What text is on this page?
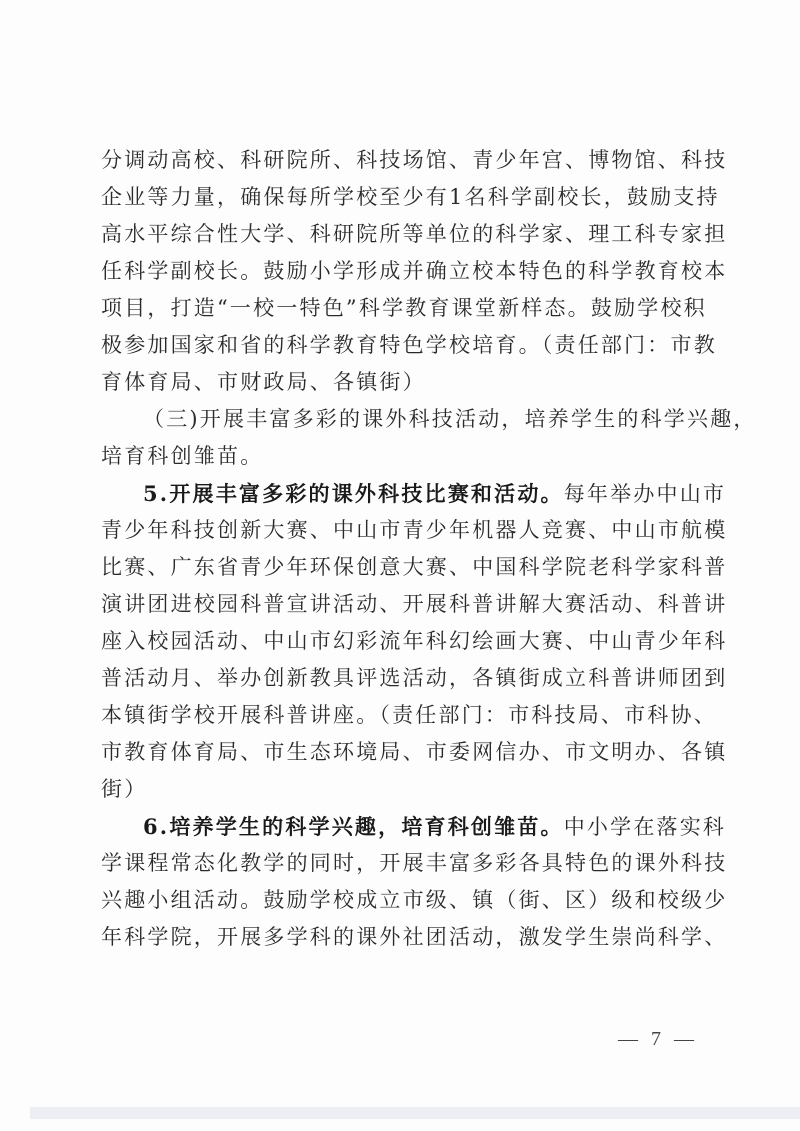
分调动高校、科研院所、科技场馆、青少年宫、博物馆、科技
企业等力量，确保每所学校至少有1名科学副校长，鼓励支持
高水平综合性大学、科研院所等单位的科学家、理工科专家担
任科学副校长。鼓励小学形成并确立校本特色的科学教育校本
项目，打造“一校一特色”科学教育课堂新样态。鼓励学校积
极参加国家和省的科学教育特色学校培育。（责任部门：市教
育体育局、市财政局、各镇街）
（三)开展丰富多彩的课外科技活动，培养学生的科学兴趣，
培育科创雏苗。
5.开展丰富多彩的课外科技比赛和活动。每年举办中山市
青少年科技创新大赛、中山市青少年机器人竞赛、中山市航模
比赛、广东省青少年环保创意大赛、中国科学院老科学家科普
演讲团进校园科普宣讲活动、开展科普讲解大赛活动、科普讲
座入校园活动、中山市幻彩流年科幻绘画大赛、中山青少年科
普活动月、举办创新教具评选活动，各镇街成立科普讲师团到
本镇街学校开展科普讲座。（责任部门：市科技局、市科协、
市教育体育局、市生态环境局、市委网信办、市文明办、各镇
街）
6.培养学生的科学兴趣，培育科创雏苗。中小学在落实科
学课程常态化教学的同时，开展丰富多彩各具特色的课外科技
兴趣小组活动。鼓励学校成立市级、镇（街、区）级和校级少
年科学院，开展多学科的课外社团活动，激发学生崇尚科学、
— 7 —
